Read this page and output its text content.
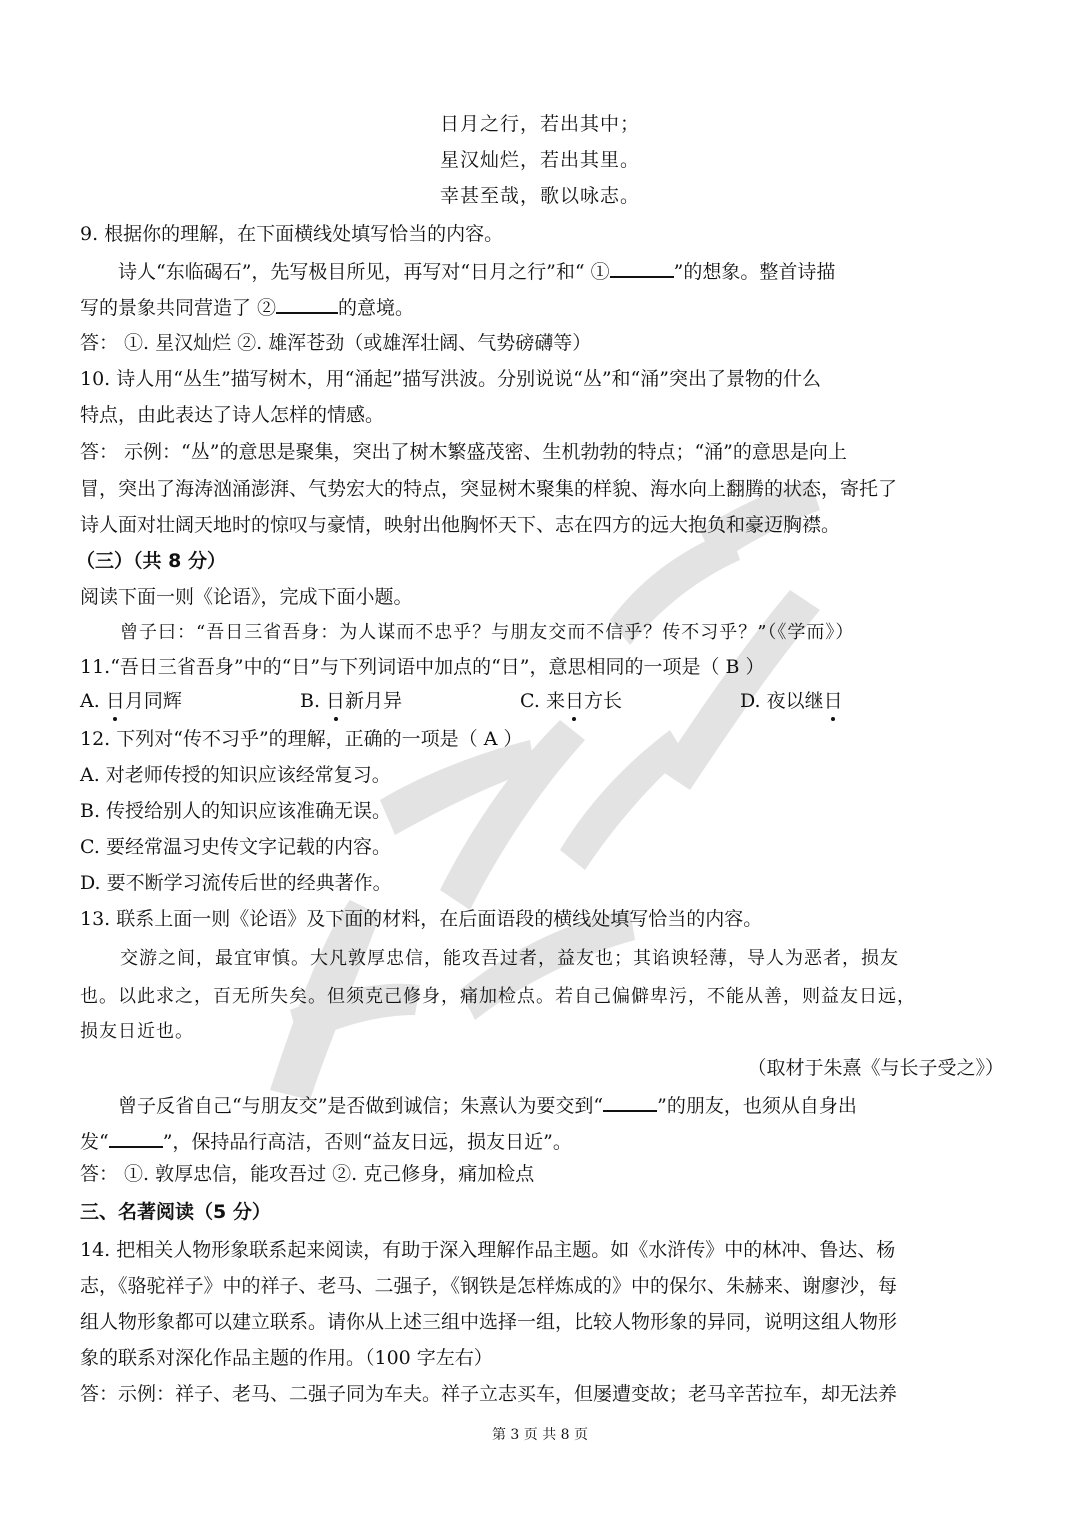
日月之行，若出其中；
星汉灿烂，若出其里。
幸甚至哉，歌以咏志。
9. 根据你的理解，在下面横线处填写恰当的内容。
诗人“东临碣石”，先写极目所见，再写对“日月之行”和“ ①	”的想象。整首诗描
写的景象共同营造了 ②	的意境。
答： ①. 星汉灿烂 ②. 雄浑苍劲（或雄浑壮阔、气势磅礴等）
10. 诗人用“丛生”描写树木，用“涌起”描写洪波。分别说说“丛”和“涌”突出了景物的什么
特点，由此表达了诗人怎样的情感。
答： 示例：“丛”的意思是聚集，突出了树木繁盛茂密、生机勃勃的特点；“涌”的意思是向上
冒，突出了海涛汹涌澎湃、气势宏大的特点，突显树木聚集的样貌、海水向上翻腾的状态，寄托了
诗人面对壮阔天地时的惊叹与豪情，映射出他胸怀天下、志在四方的远大抱负和豪迈胸襟。
（三）（共 8 分）
阅读下面一则《论语》，完成下面小题。
曾子曰：“吾日三省吾身：为人谋而不忠乎？与朋友交而不信乎？传不习乎？”（《学而》）
11.“吾日三省吾身”中的“日”与下列词语中加点的“日”，意思相同的一项是（ B ）
A. 日月同辉	B. 日新月异	C. 来日方长	D. 夜以继日
12. 下列对“传不习乎”的理解，正确的一项是（ A ）
A. 对老师传授的知识应该经常复习。
B. 传授给别人的知识应该准确无误。
C. 要经常温习史传文字记载的内容。
D. 要不断学习流传后世的经典著作。
13. 联系上面一则《论语》及下面的材料，在后面语段的横线处填写恰当的内容。
交游之间，最宜审慎。大凡敦厚忠信，能攻吾过者，益友也；其谄谀轻薄，导人为恶者，损友
也。以此求之，百无所失矣。但须克己修身，痛加检点。若自己偏僻卑污，不能从善，则益友日远，
损友日近也。
（取材于朱熹《与长子受之》）
曾子反省自己“与朋友交”是否做到诚信；朱熹认为要交到“	”的朋友，也须从自身出
发“	”，保持品行高洁，否则“益友日远，损友日近”。
答： ①. 敦厚忠信，能攻吾过 ②. 克己修身，痛加检点
三、名著阅读（5 分）
14. 把相关人物形象联系起来阅读，有助于深入理解作品主题。如《水浒传》中的林冲、鲁达、杨
志，《骆驼祥子》中的祥子、老马、二强子，《钢铁是怎样炼成的》中的保尔、朱赫来、谢廖沙，每
组人物形象都可以建立联系。请你从上述三组中选择一组，比较人物形象的异同，说明这组人物形
象的联系对深化作品主题的作用。（100 字左右）
答：示例：祥子、老马、二强子同为车夫。祥子立志买车，但屡遭变故；老马辛苦拉车，却无法养
第 3 页 共 8 页
